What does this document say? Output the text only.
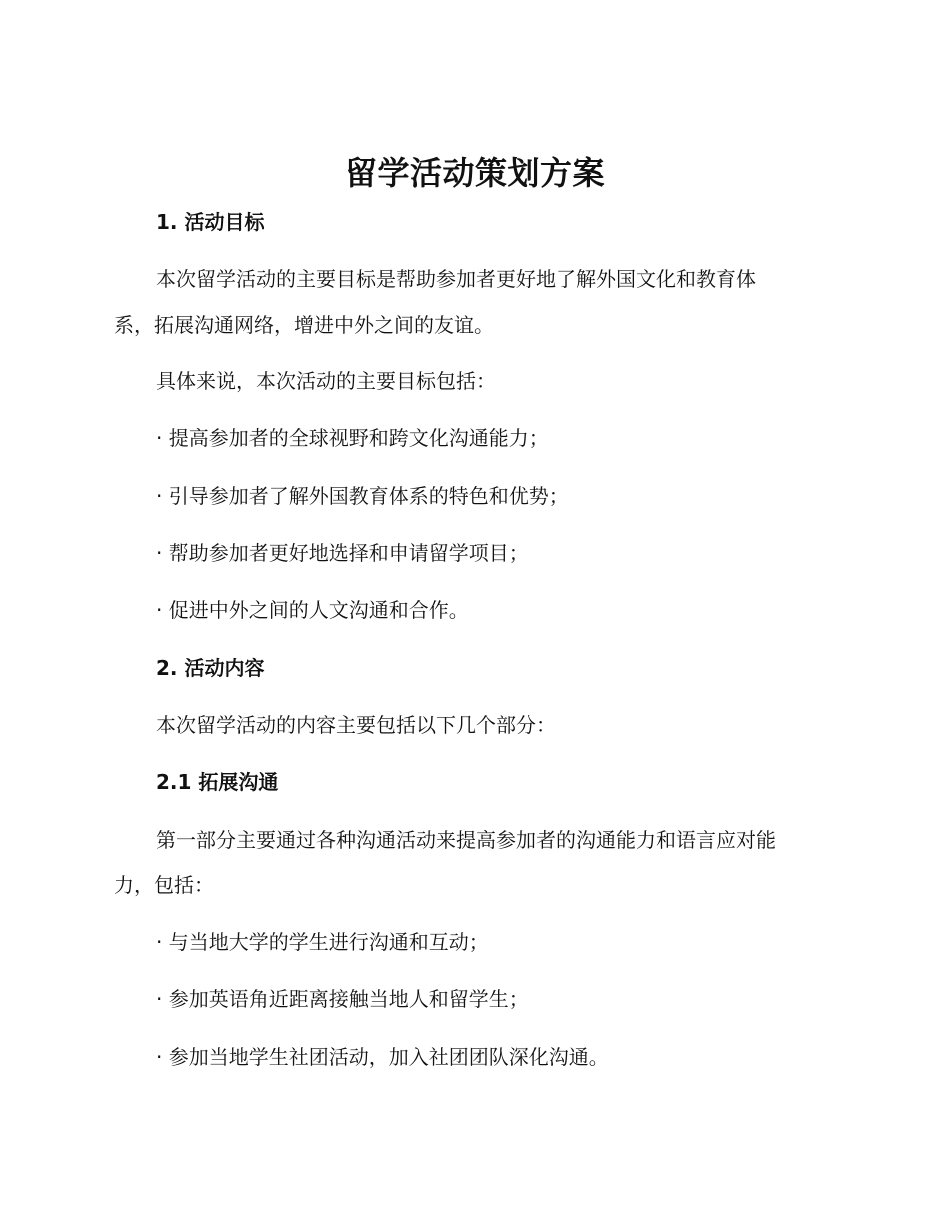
留学活动策划方案
1. 活动目标
本次留学活动的主要目标是帮助参加者更好地了解外国文化和教育体
系，拓展沟通网络，增进中外之间的友谊。
具体来说，本次活动的主要目标包括：
· 提高参加者的全球视野和跨文化沟通能力；
· 引导参加者了解外国教育体系的特色和优势；
· 帮助参加者更好地选择和申请留学项目；
· 促进中外之间的人文沟通和合作。
2. 活动内容
本次留学活动的内容主要包括以下几个部分：
2.1 拓展沟通
第一部分主要通过各种沟通活动来提高参加者的沟通能力和语言应对能
力，包括：
· 与当地大学的学生进行沟通和互动；
· 参加英语角近距离接触当地人和留学生；
· 参加当地学生社团活动，加入社团团队深化沟通。
